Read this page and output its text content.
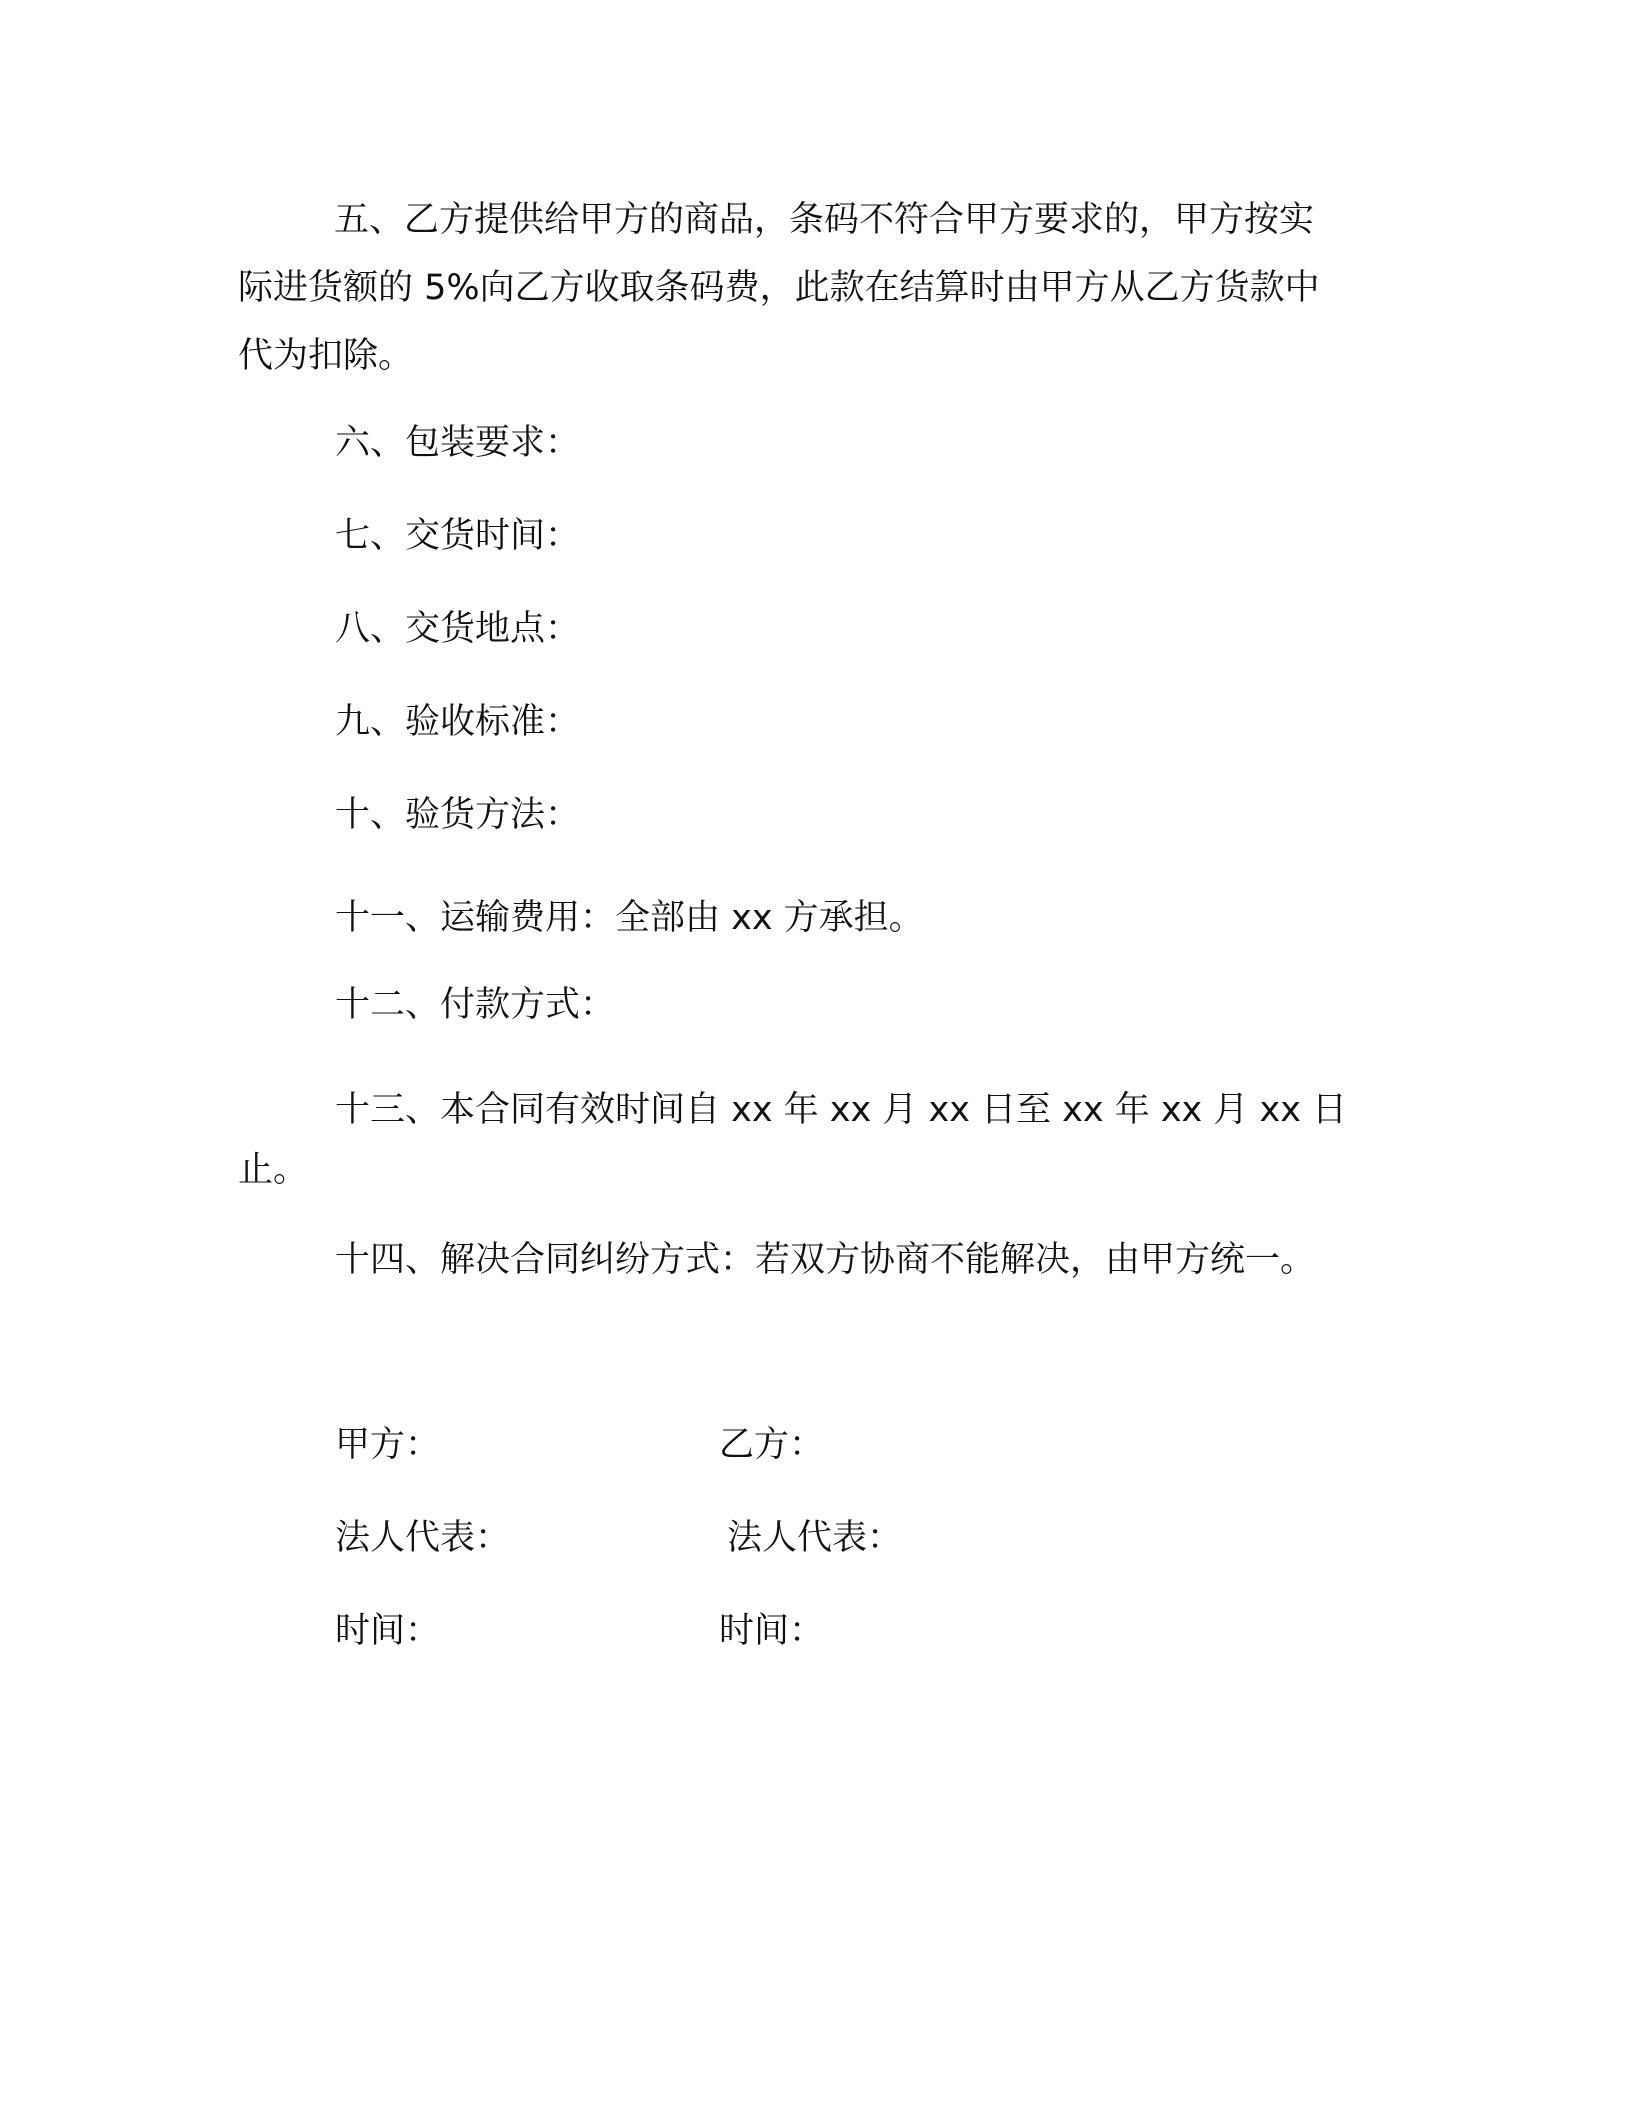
五、乙方提供给甲方的商品，条码不符合甲方要求的，甲方按实
际进货额的 5%向乙方收取条码费，此款在结算时由甲方从乙方货款中
代为扣除。
六、包装要求：
七、交货时间：
八、交货地点：
九、验收标准：
十、验货方法：
十一、运输费用：全部由 xx 方承担。
十二、付款方式：
十三、本合同有效时间自 xx 年 xx 月 xx 日至 xx 年 xx 月 xx 日
止。
十四、解决合同纠纷方式：若双方协商不能解决，由甲方统一。
甲方：	乙方：
法人代表：	法人代表：
时间：	时间：
